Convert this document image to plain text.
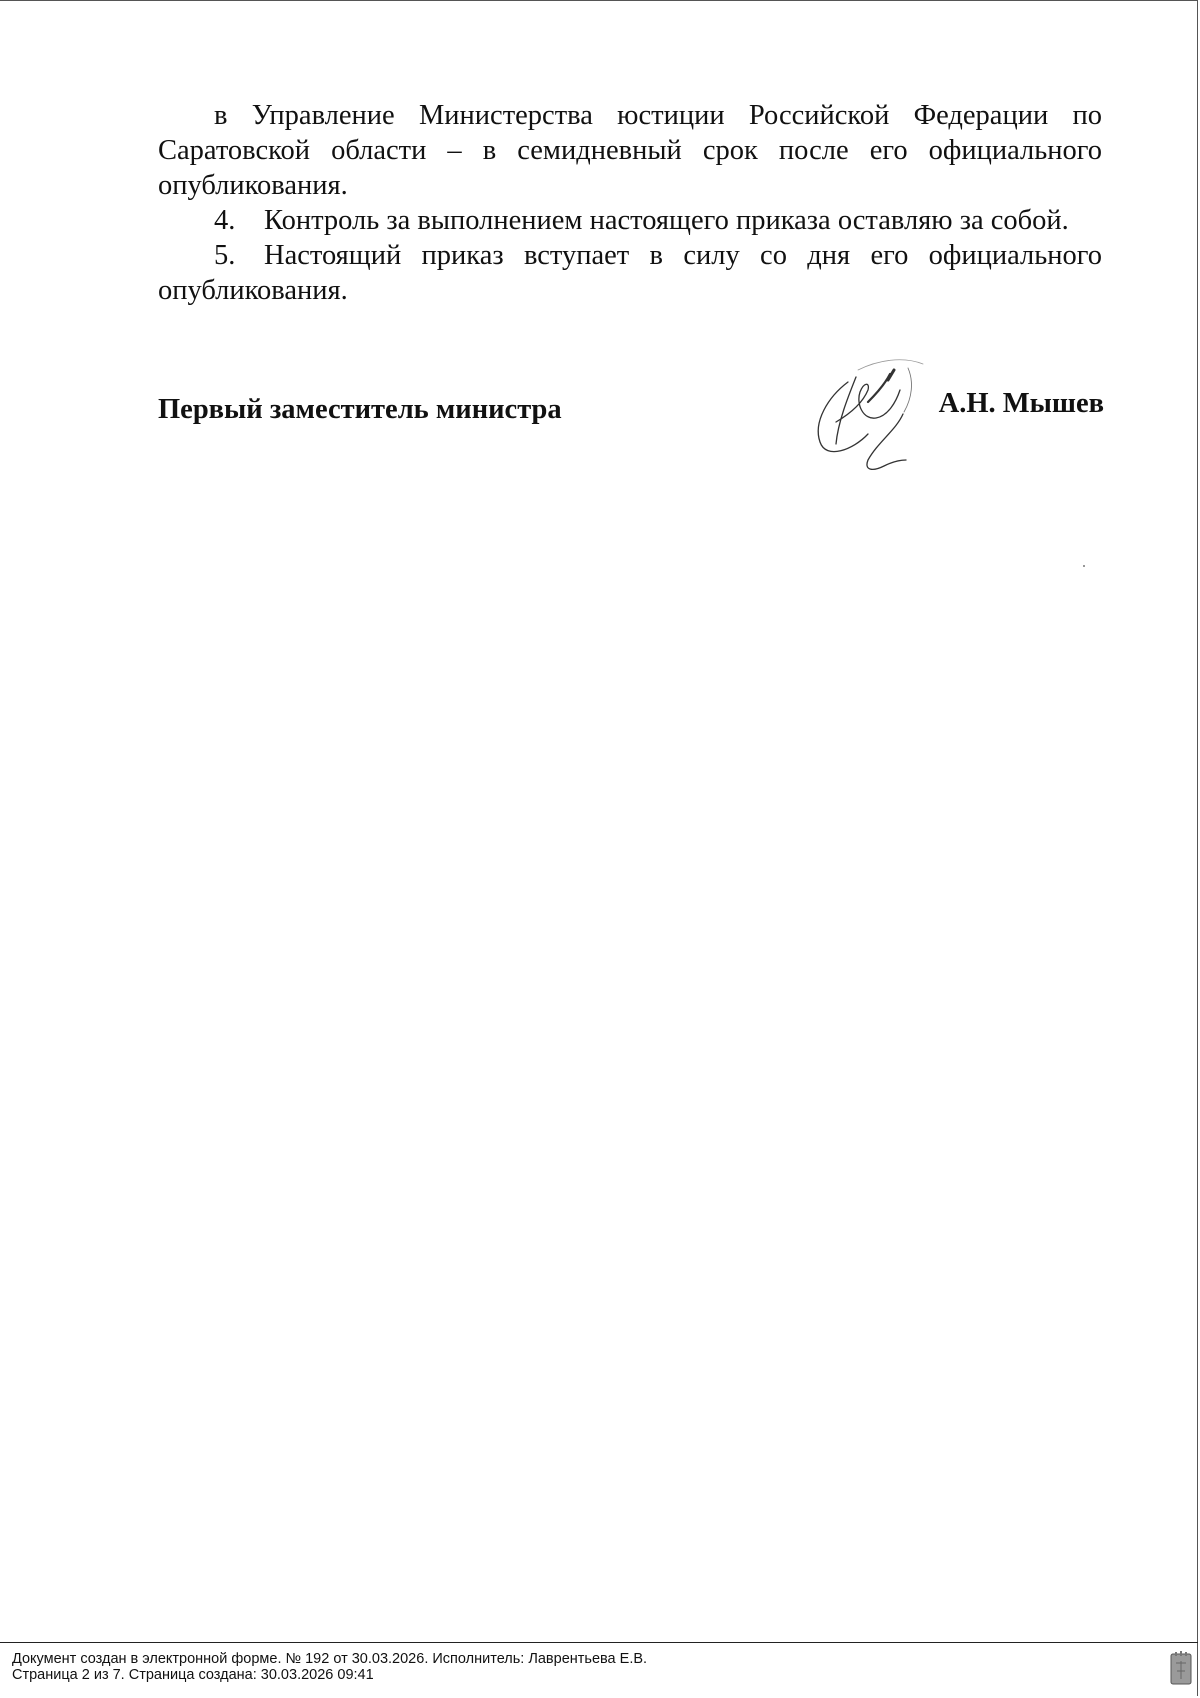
в Управление Министерства юстиции Российской Федерации по Саратовской области – в семидневный срок после его официального опубликования.

4. Контроль за выполнением настоящего приказа оставляю за собой.

5. Настоящий приказ вступает в силу со дня его официального опубликования.

Первый заместитель министра	А.Н. Мышев
Документ создан в электронной форме. № 192 от 30.03.2026. Исполнитель: Лаврентьева Е.В.
Страница 2 из 7. Страница создана: 30.03.2026 09:41
